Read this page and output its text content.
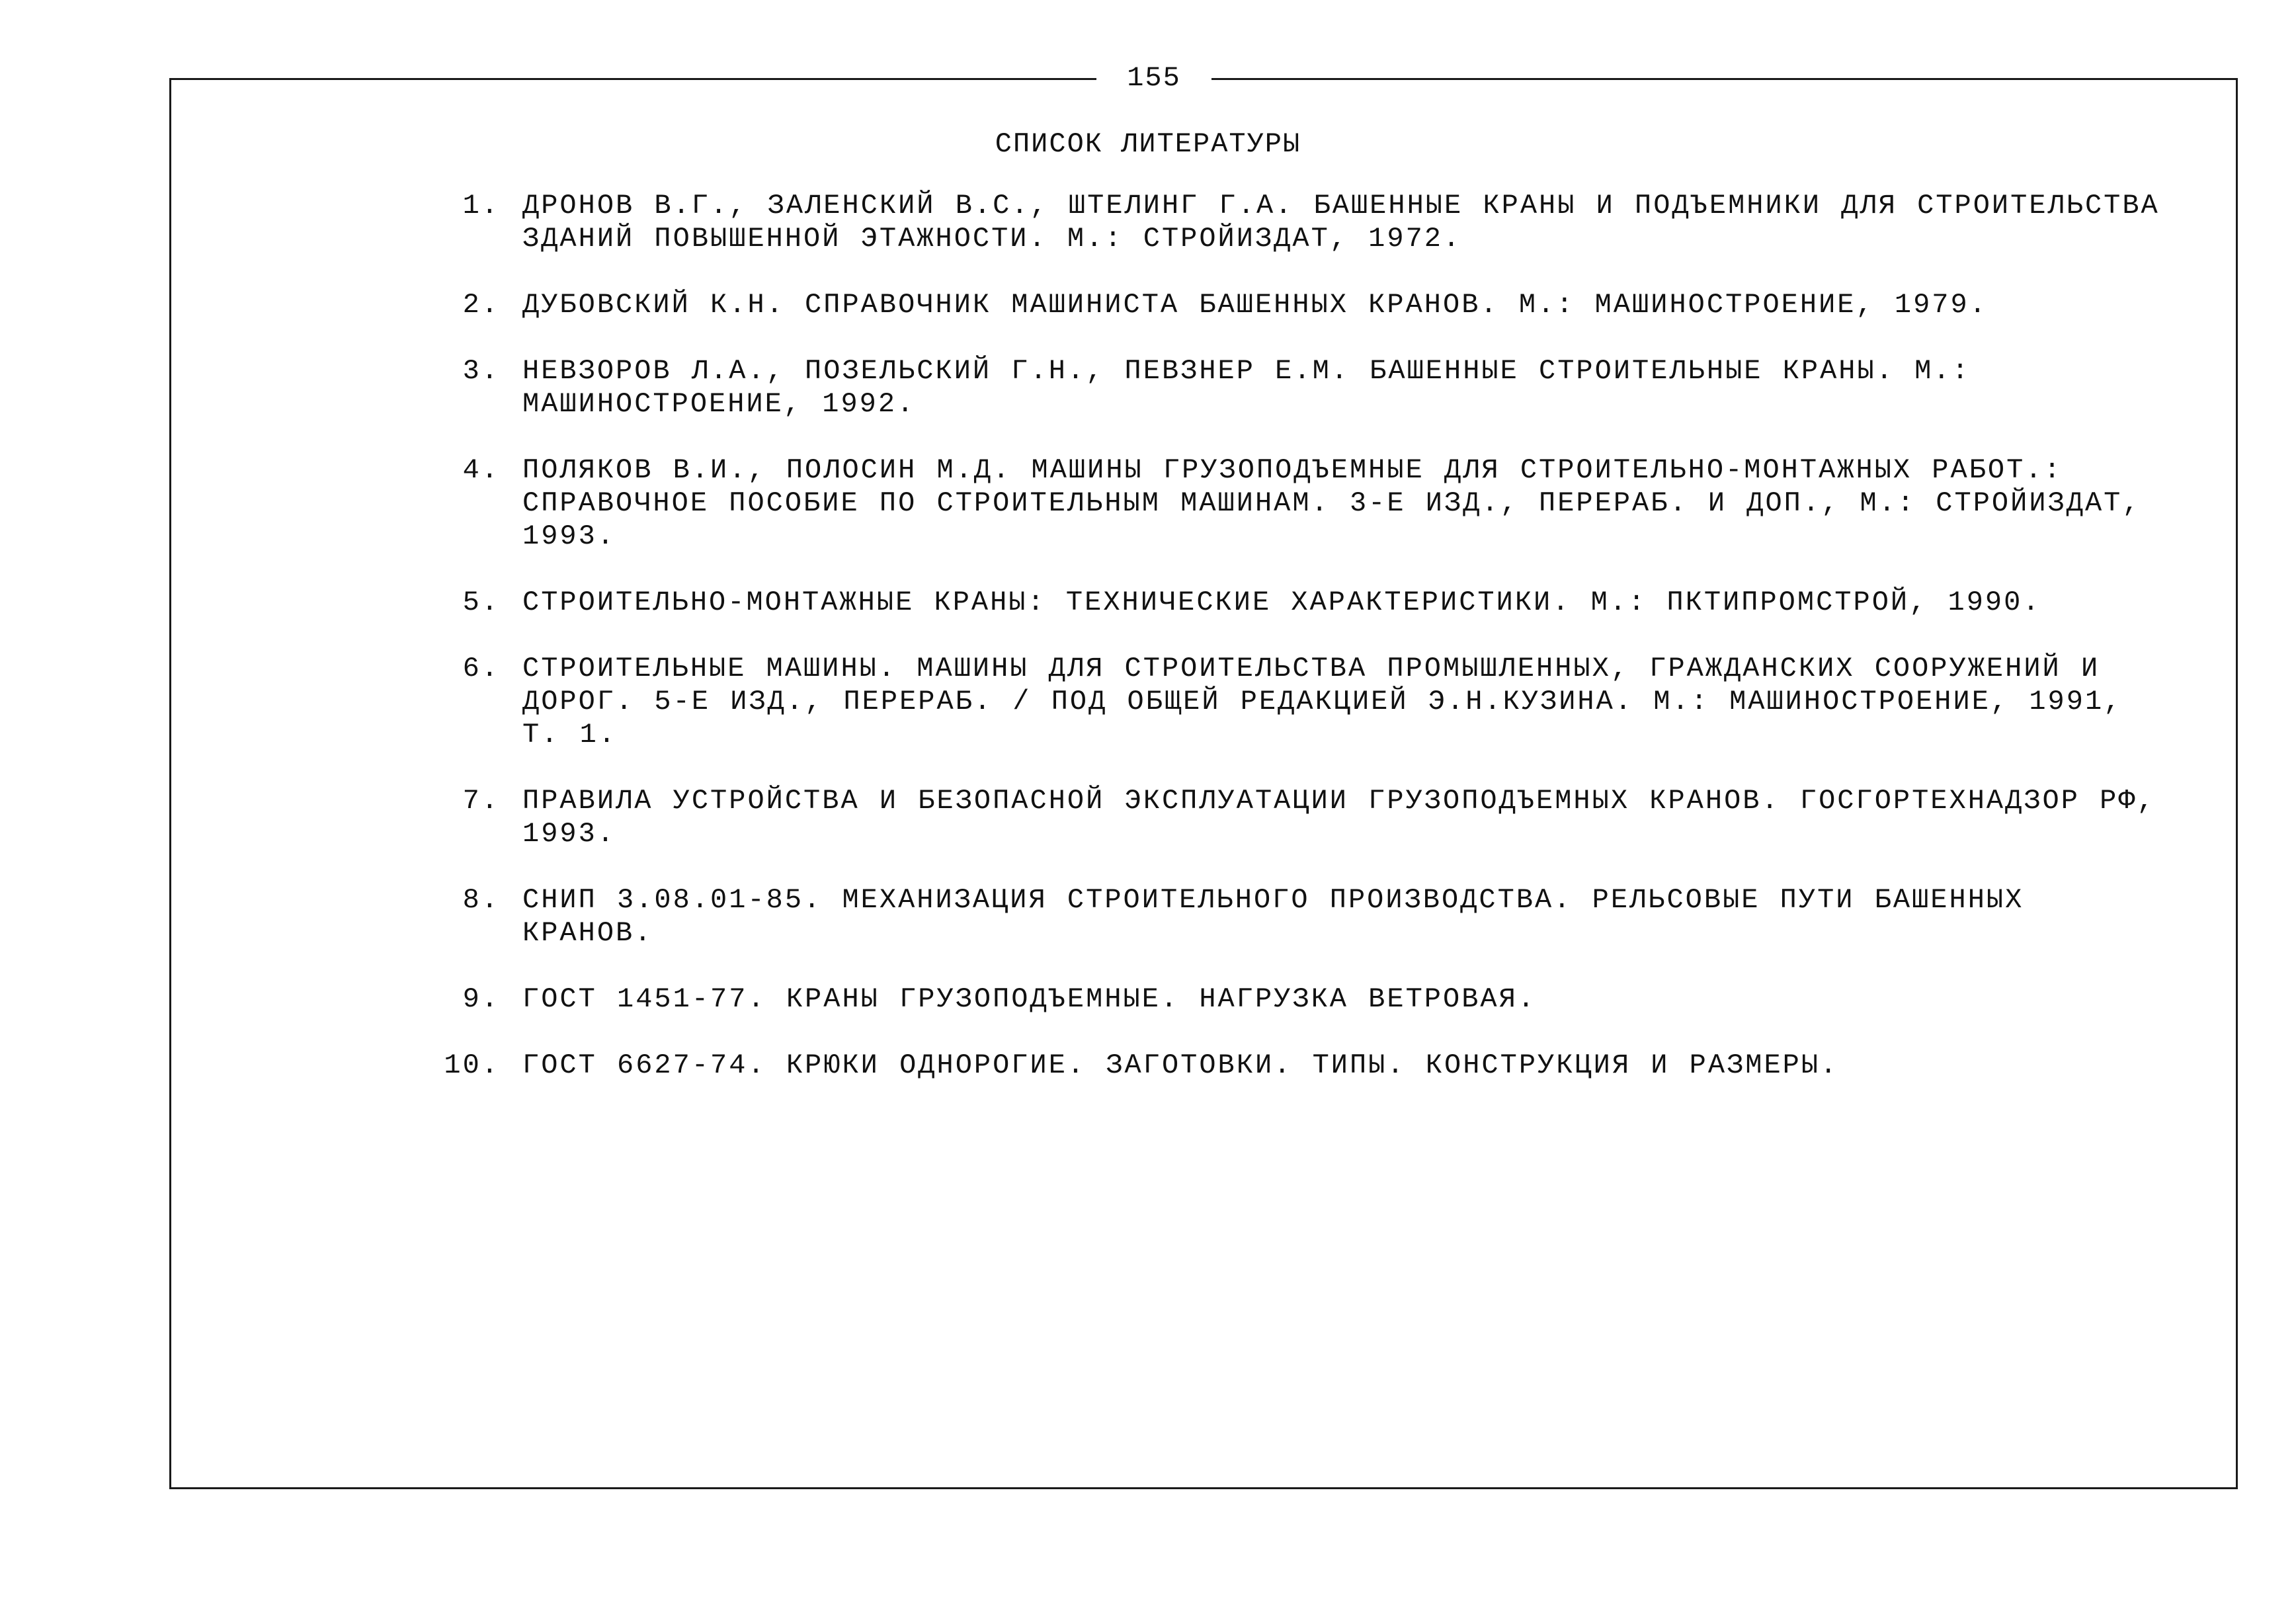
155
СПИСОК ЛИТЕРАТУРЫ
1. ДРОНОВ В.Г., ЗАЛЕНСКИЙ В.С., ШТЕЛИНГ Г.А. БАШЕННЫЕ КРАНЫ И ПОДЪЕМНИКИ ДЛЯ СТРОИТЕЛЬСТВА ЗДАНИЙ ПОВЫШЕННОЙ ЭТАЖНОСТИ. М.: СТРОЙИЗДАТ, 1972.
2. ДУБОВСКИЙ К.Н. СПРАВОЧНИК МАШИНИСТА БАШЕННЫХ КРАНОВ. М.: МАШИНОСТРОЕНИЕ, 1979.
3. НЕВЗОРОВ Л.А., ПОЗЕЛЬСКИЙ Г.Н., ПЕВЗНЕР Е.М. БАШЕННЫЕ СТРОИТЕЛЬНЫЕ КРАНЫ. М.: МАШИНОСТРОЕНИЕ, 1992.
4. ПОЛЯКОВ В.И., ПОЛОСИН М.Д. МАШИНЫ ГРУЗОПОДЪЕМНЫЕ ДЛЯ СТРОИТЕЛЬНО-МОНТАЖНЫХ РАБОТ.: СПРАВОЧНОЕ ПОСОБИЕ ПО СТРОИТЕЛЬНЫМ МАШИНАМ. 3-Е ИЗД., ПЕРЕРАБ. И ДОП., М.: СТРОЙИЗДАТ, 1993.
5. СТРОИТЕЛЬНО-МОНТАЖНЫЕ КРАНЫ: ТЕХНИЧЕСКИЕ ХАРАКТЕРИСТИКИ. М.: ПКТИПРОМСТРОЙ, 1990.
6. СТРОИТЕЛЬНЫЕ МАШИНЫ. МАШИНЫ ДЛЯ СТРОИТЕЛЬСТВА ПРОМЫШЛЕННЫХ, ГРАЖДАНСКИХ СООРУЖЕНИЙ И ДОРОГ. 5-Е ИЗД., ПЕРЕРАБ. / ПОД ОБЩЕЙ РЕДАКЦИЕЙ Э.Н.КУЗИНА. М.: МАШИНОСТРОЕНИЕ, 1991, Т. 1.
7. ПРАВИЛА УСТРОЙСТВА И БЕЗОПАСНОЙ ЭКСПЛУАТАЦИИ ГРУЗОПОДЪЕМНЫХ КРАНОВ. ГОСГОРТЕХНАДЗОР РФ, 1993.
8. СНИП 3.08.01-85. МЕХАНИЗАЦИЯ СТРОИТЕЛЬНОГО ПРОИЗВОДСТВА. РЕЛЬСОВЫЕ ПУТИ БАШЕННЫХ КРАНОВ.
9. ГОСТ 1451-77. КРАНЫ ГРУЗОПОДЪЕМНЫЕ. НАГРУЗКА ВЕТРОВАЯ.
10. ГОСТ 6627-74. КРЮКИ ОДНОРОГИЕ. ЗАГОТОВКИ. ТИПЫ. КОНСТРУКЦИЯ И РАЗМЕРЫ.
